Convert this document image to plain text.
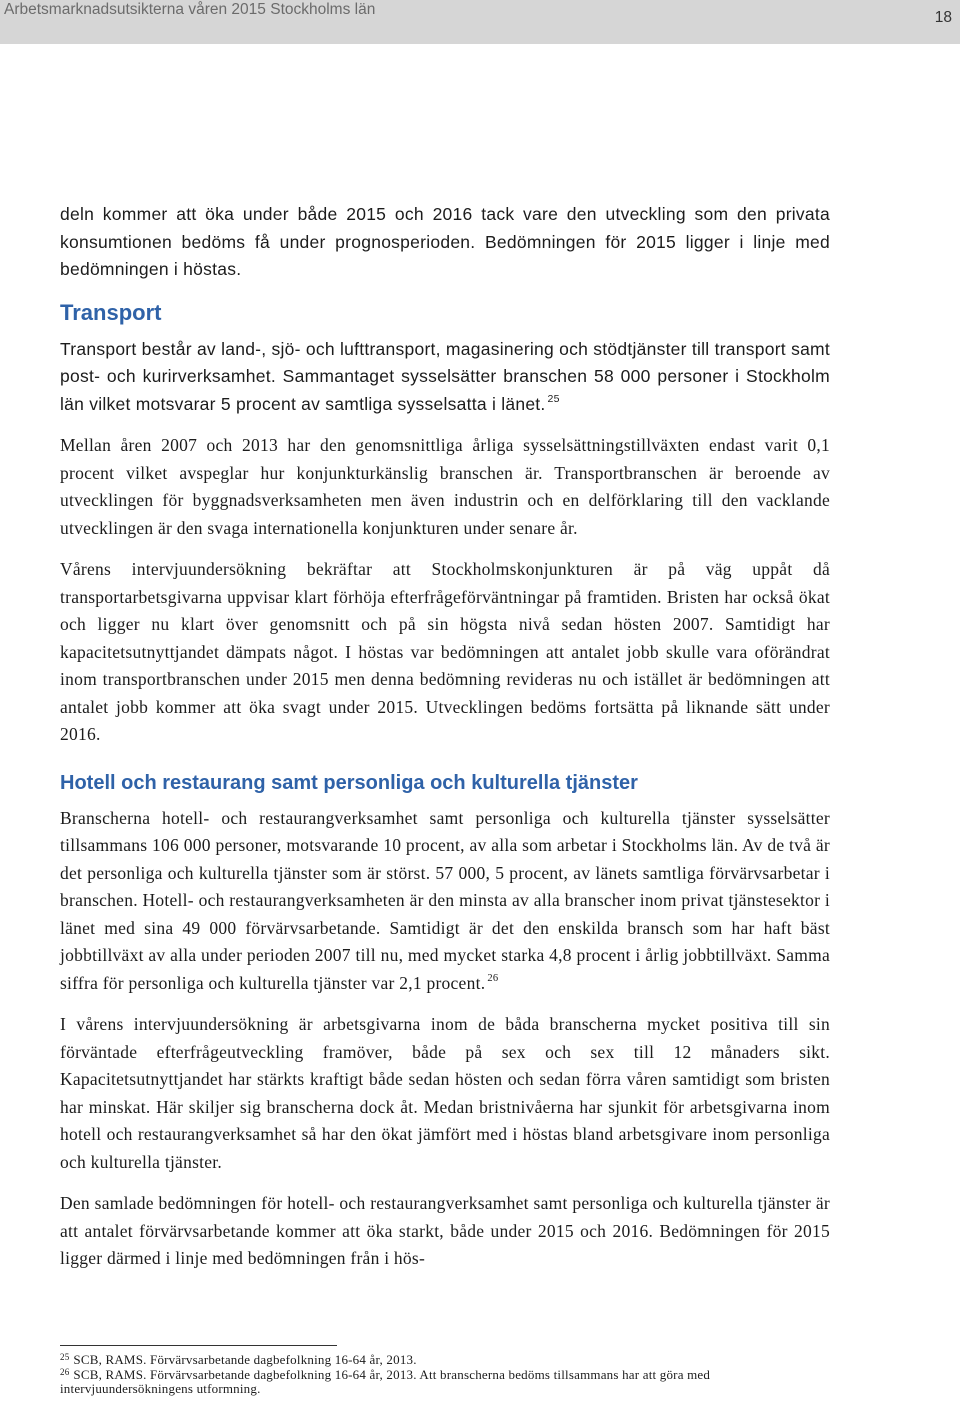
Arbetsmarknadsutsikterna våren 2015 Stockholms län	18

deln kommer att öka under både 2015 och 2016 tack vare den utveckling som den privata konsumtionen bedöms få under prognosperioden. Bedömningen för 2015 ligger i linje med bedömningen i höstas.

Transport

Transport består av land-, sjö- och lufttransport, magasinering och stödtjänster till transport samt post- och kurirverksamhet. Sammantaget sysselsätter branschen 58 000 personer i Stockholm län vilket motsvarar 5 procent av samtliga sysselsatta i länet. $^{25}$

Mellan åren 2007 och 2013 har den genomsnittliga årliga sysselsättningstillväxten endast varit 0,1 procent vilket avspeglar hur konjunkturkänslig branschen är. Transportbranschen är beroende av utvecklingen för byggnadsverksamheten men även industrin och en delförklaring till den vacklande utvecklingen är den svaga internationella konjunkturen under senare år.

Vårens intervjuundersökning bekräftar att Stockholmskonjunkturen är på väg uppåt då transportarbetsgivarna uppvisar klart förhöja efterfrågeförväntningar på framtiden. Bristen har också ökat och ligger nu klart över genomsnitt och på sin högsta nivå sedan hösten 2007. Samtidigt har kapacitetsutnyttjandet dämpats något. I höstas var bedömningen att antalet jobb skulle vara oförändrat inom transportbranschen under 2015 men denna bedömning revideras nu och istället är bedömningen att antalet jobb kommer att öka svagt under 2015. Utvecklingen bedöms fortsätta på liknande sätt under 2016.

Hotell och restaurang samt personliga och kulturella tjänster

Branscherna hotell- och restaurangverksamhet samt personliga och kulturella tjänster sysselsätter tillsammans 106 000 personer, motsvarande 10 procent, av alla som arbetar i Stockholms län. Av de två är det personliga och kulturella tjänster som är störst. 57 000, 5 procent, av länets samtliga förvärvsarbetar i branschen. Hotell- och restaurangverksamheten är den minsta av alla branscher inom privat tjänstesektor i länet med sina 49 000 förvärvsarbetande. Samtidigt är det den enskilda bransch som har haft bäst jobbtillväxt av alla under perioden 2007 till nu, med mycket starka 4,8 procent i årlig jobbtillväxt. Samma siffra för personliga och kulturella tjänster var 2,1 procent. $^{26}$

I vårens intervjuundersökning är arbetsgivarna inom de båda branscherna mycket positiva till sin förväntade efterfrågeutveckling framöver, både på sex och sex till 12 månaders sikt. Kapacitetsutnyttjandet har stärkts kraftigt både sedan hösten och sedan förra våren samtidigt som bristen har minskat. Här skiljer sig branscherna dock åt. Medan bristnivåerna har sjunkit för arbetsgivarna inom hotell och restaurangverksamhet så har den ökat jämfört med i höstas bland arbetsgivare inom personliga och kulturella tjänster.

Den samlade bedömningen för hotell- och restaurangverksamhet samt personliga och kulturella tjänster är att antalet förvärvsarbetande kommer att öka starkt, både under 2015 och 2016. Bedömningen för 2015 ligger därmed i linje med bedömningen från i hös-

$^{25}$ SCB, RAMS. Förvärvsarbetande dagbefolkning 16-64 år, 2013.

$^{26}$ SCB, RAMS. Förvärvsarbetande dagbefolkning 16-64 år, 2013. Att branscherna bedöms tillsammans har att göra med intervjuundersökningens utformning.
